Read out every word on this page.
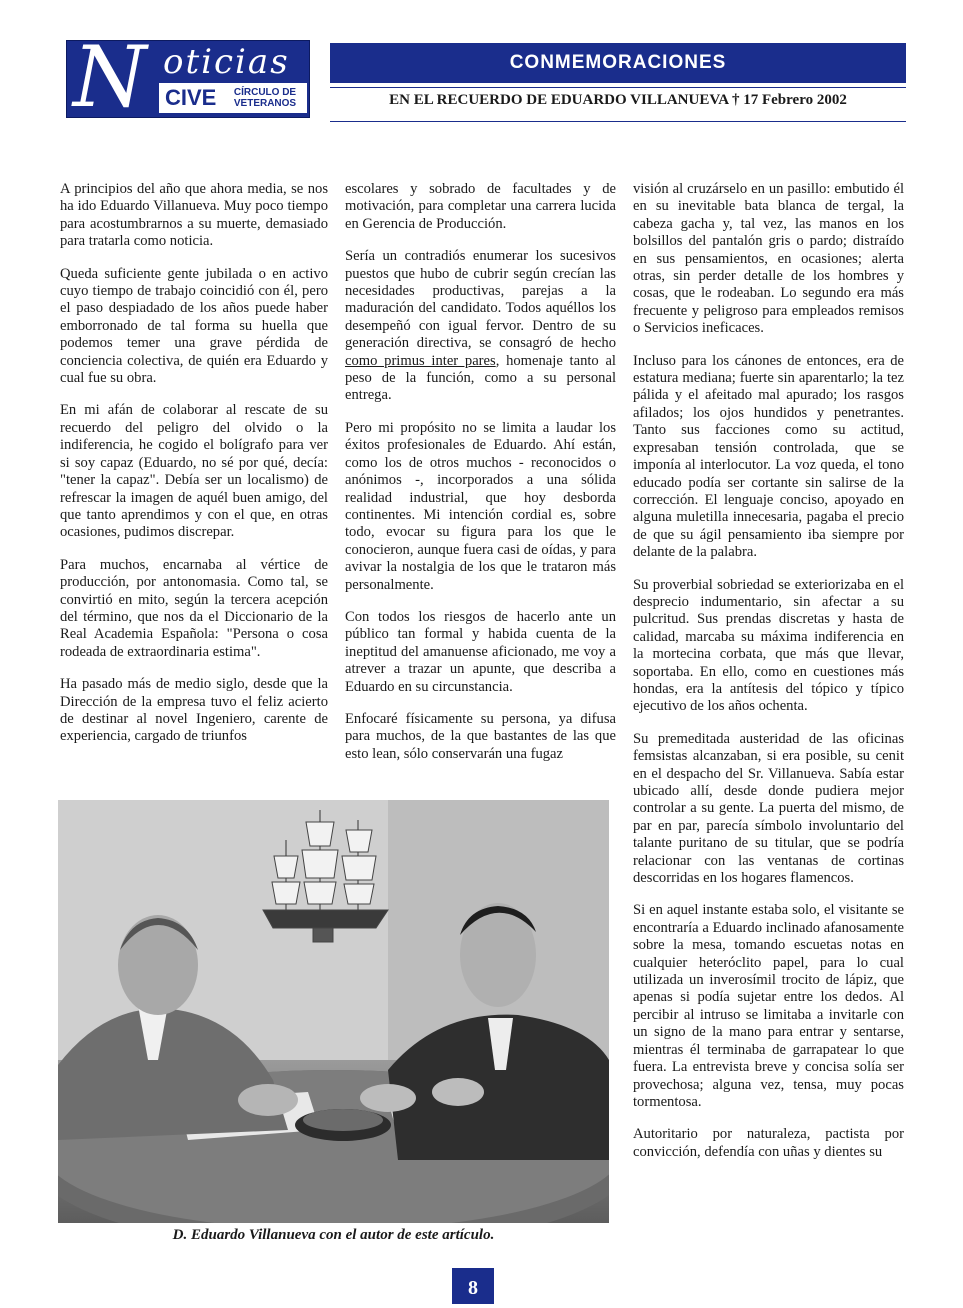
N oticias
CIVE	CÍRCULO DE
VETERANOS
CONMEMORACIONES
EN EL RECUERDO DE EDUARDO VILLANUEVA † 17 Febrero 2002

A principios del año que ahora media, se nos ha ido Eduardo Villanueva. Muy poco tiempo para acostumbrarnos a su muerte, demasiado para tratarla como noticia.

Queda suficiente gente jubilada o en activo cuyo tiempo de trabajo coincidió con él, pero el paso despiadado de los años puede haber emborronado de tal forma su huella que podemos temer una grave pérdida de conciencia colectiva, de quién era Eduardo y cual fue su obra.

En mi afán de colaborar al rescate de su recuerdo del peligro del olvido o la indiferencia, he cogido el bolígrafo para ver si soy capaz (Eduardo, no sé por qué, decía: "tener la capaz". Debía ser un localismo) de refrescar la imagen de aquél buen amigo, del que tanto aprendimos y con el que, en otras ocasiones, pudimos discrepar.

Para muchos, encarnaba al vértice de producción, por antonomasia. Como tal, se convirtió en mito, según la tercera acepción del término, que nos da el Diccionario de la Real Academia Española: "Persona o cosa rodeada de extraordinaria estima".

Ha pasado más de medio siglo, desde que la Dirección de la empresa tuvo el feliz acierto de destinar al novel Ingeniero, carente de experiencia, cargado de triunfos

escolares y sobrado de facultades y de motivación, para completar una carrera lucida en Gerencia de Producción.

Sería un contradiós enumerar los sucesivos puestos que hubo de cubrir según crecían las necesidades productivas, parejas a la maduración del candidato. Todos aquéllos los desempeñó con igual fervor. Dentro de su generación directiva, se consagró de hecho como primus inter pares, homenaje tanto al peso de la función, como a su personal entrega.

Pero mi propósito no se limita a laudar los éxitos profesionales de Eduardo. Ahí están, como los de otros muchos - reconocidos o anónimos -, incorporados a una sólida realidad industrial, que hoy desborda continentes. Mi intención cordial es, sobre todo, evocar su figura para los que le conocieron, aunque fuera casi de oídas, y para avivar la nostalgia de los que le trataron más personalmente.

Con todos los riesgos de hacerlo ante un público tan formal y habida cuenta de la ineptitud del amanuense aficionado, me voy a atrever a trazar un apunte, que describa a Eduardo en su circunstancia.

Enfocaré físicamente su persona, ya difusa para muchos, de la que bastantes de las que esto lean, sólo conservarán una fugaz

visión al cruzárselo en un pasillo: embutido él en su inevitable bata blanca de tergal, la cabeza gacha y, tal vez, las manos en los bolsillos del pantalón gris o pardo; distraído en sus pensamientos, en ocasiones; alerta otras, sin perder detalle de los hombres y cosas, que le rodeaban. Lo segundo era más frecuente y peligroso para empleados remisos o Servicios ineficaces.

Incluso para los cánones de entonces, era de estatura mediana; fuerte sin aparentarlo; la tez pálida y el afeitado mal apurado; los rasgos afilados; los ojos hundidos y penetrantes. Tanto sus facciones como su actitud, expresaban tensión controlada, que se imponía al interlocutor. La voz queda, el tono educado podía ser cortante sin salirse de la corrección. El lenguaje conciso, apoyado en alguna muletilla innecesaria, pagaba el precio de que su ágil pensamiento iba siempre por delante de la palabra.

Su proverbial sobriedad se exteriorizaba en el desprecio indumentario, sin afectar a su pulcritud. Sus prendas discretas y hasta de calidad, marcaba su máxima indiferencia en la mortecina corbata, que más que llevar, soportaba. En ello, como en cuestiones más hondas, era la antítesis del tópico y típico ejecutivo de los años ochenta.

Su premeditada austeridad de las oficinas femsistas alcanzaban, si era posible, su cenit en el despacho del Sr. Villanueva. Sabía estar ubicado allí, desde donde pudiera mejor controlar a su gente. La puerta del mismo, de par en par, parecía símbolo involuntario del talante puritano de su titular, que se podría relacionar con las ventanas de cortinas descorridas en los hogares flamencos.

Si en aquel instante estaba solo, el visitante se encontraría a Eduardo inclinado afanosamente sobre la mesa, tomando escuetas notas en cualquier heteróclito papel, para lo cual utilizada un inverosímil trocito de lápiz, que apenas si podía sujetar entre los dedos. Al percibir al intruso se limitaba a invitarle con un signo de la mano para entrar y sentarse, mientras él terminaba de garrapatear lo que fuera. La entrevista breve y concisa solía ser provechosa; alguna vez, tensa, muy pocas tormentosa.

Autoritario por naturaleza, pactista por convicción, defendía con uñas y dientes su

D. Eduardo Villanueva con el autor de este artículo.
8
